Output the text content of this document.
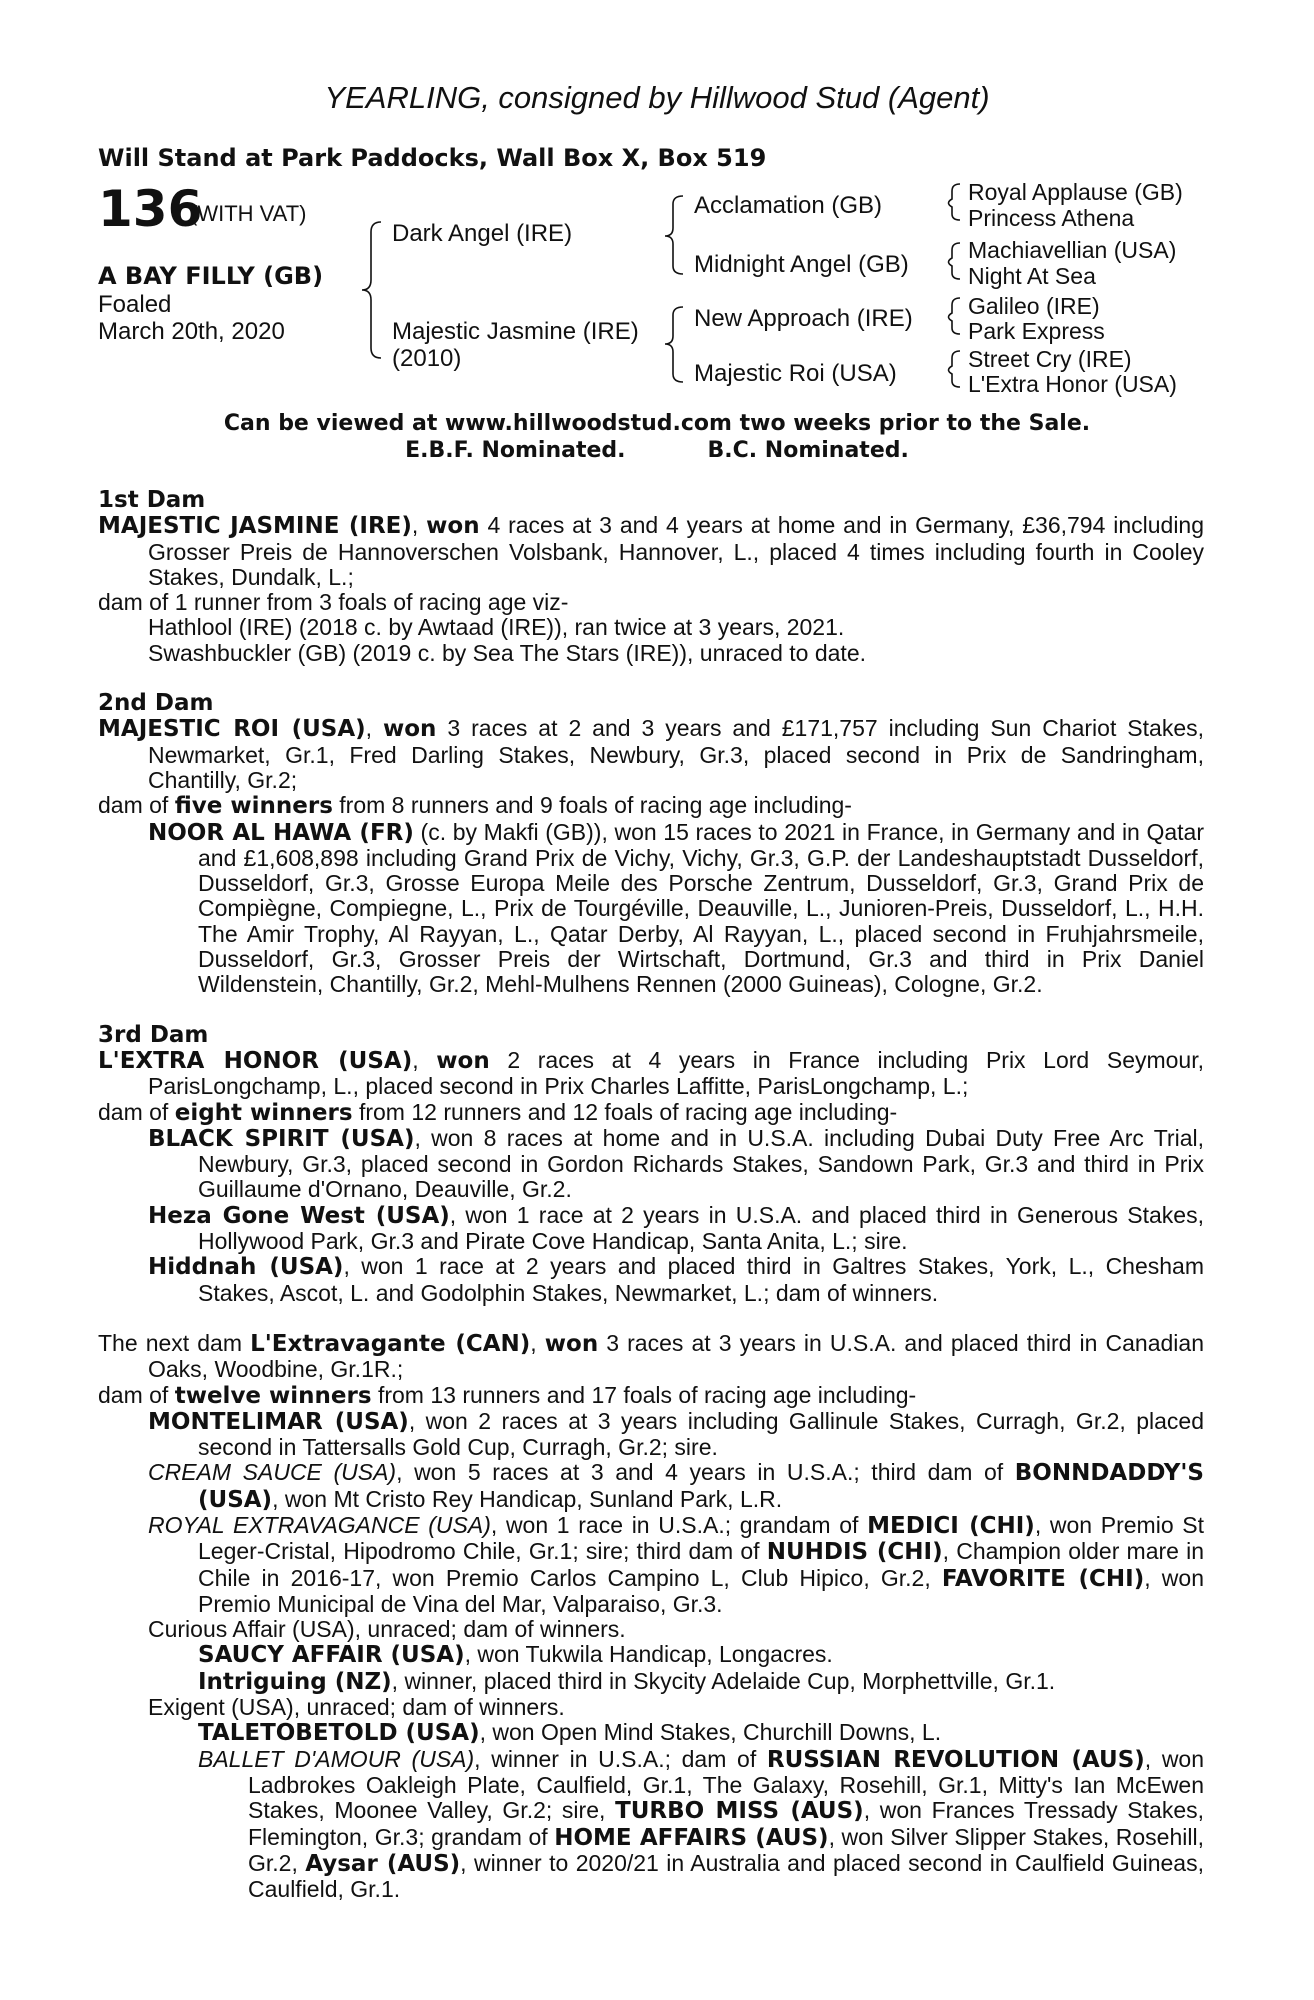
YEARLING, consigned by Hillwood Stud (Agent)
Will Stand at Park Paddocks, Wall Box X, Box 519
136
(WITH VAT)
A BAY FILLY (GB)
Foaled
March 20th, 2020
Dark Angel (IRE)
Majestic Jasmine (IRE)
(2010)
Acclamation (GB)
Midnight Angel (GB)
New Approach (IRE)
Majestic Roi (USA)
Royal Applause (GB)
Princess Athena
Machiavellian (USA)
Night At Sea
Galileo (IRE)
Park Express
Street Cry (IRE)
L'Extra Honor (USA)
Can be viewed at www.hillwoodstud.com two weeks prior to the Sale.
E.B.F. Nominated.	B.C. Nominated.

1st Dam

MAJESTIC JASMINE (IRE), won 4 races at 3 and 4 years at home and in Germany, £36,794 including Grosser Preis de Hannoverschen Volsbank, Hannover, L., placed 4 times including fourth in Cooley Stakes, Dundalk, L.;

dam of 1 runner from 3 foals of racing age viz-

Hathlool (IRE) (2018 c. by Awtaad (IRE)), ran twice at 3 years, 2021.

Swashbuckler (GB) (2019 c. by Sea The Stars (IRE)), unraced to date.

2nd Dam

MAJESTIC ROI (USA), won 3 races at 2 and 3 years and £171,757 including Sun Chariot Stakes, Newmarket, Gr.1, Fred Darling Stakes, Newbury, Gr.3, placed second in Prix de Sandringham, Chantilly, Gr.2;

dam of five winners from 8 runners and 9 foals of racing age including-

NOOR AL HAWA (FR) (c. by Makfi (GB)), won 15 races to 2021 in France, in Germany and in Qatar and £1,608,898 including Grand Prix de Vichy, Vichy, Gr.3, G.P. der Landeshauptstadt Dusseldorf, Dusseldorf, Gr.3, Grosse Europa Meile des Porsche Zentrum, Dusseldorf, Gr.3, Grand Prix de Compiègne, Compiegne, L., Prix de Tourgéville, Deauville, L., Junioren-Preis, Dusseldorf, L., H.H. The Amir Trophy, Al Rayyan, L., Qatar Derby, Al Rayyan, L., placed second in Fruhjahrsmeile, Dusseldorf, Gr.3, Grosser Preis der Wirtschaft, Dortmund, Gr.3 and third in Prix Daniel Wildenstein, Chantilly, Gr.2, Mehl-Mulhens Rennen (2000 Guineas), Cologne, Gr.2.

3rd Dam

L'EXTRA HONOR (USA), won 2 races at 4 years in France including Prix Lord Seymour, ParisLongchamp, L., placed second in Prix Charles Laffitte, ParisLongchamp, L.;

dam of eight winners from 12 runners and 12 foals of racing age including-

BLACK SPIRIT (USA), won 8 races at home and in U.S.A. including Dubai Duty Free Arc Trial, Newbury, Gr.3, placed second in Gordon Richards Stakes, Sandown Park, Gr.3 and third in Prix Guillaume d'Ornano, Deauville, Gr.2.

Heza Gone West (USA), won 1 race at 2 years in U.S.A. and placed third in Generous Stakes, Hollywood Park, Gr.3 and Pirate Cove Handicap, Santa Anita, L.; sire.

Hiddnah (USA), won 1 race at 2 years and placed third in Galtres Stakes, York, L., Chesham Stakes, Ascot, L. and Godolphin Stakes, Newmarket, L.; dam of winners.

The next dam L'Extravagante (CAN), won 3 races at 3 years in U.S.A. and placed third in Canadian Oaks, Woodbine, Gr.1R.;

dam of twelve winners from 13 runners and 17 foals of racing age including-

MONTELIMAR (USA), won 2 races at 3 years including Gallinule Stakes, Curragh, Gr.2, placed second in Tattersalls Gold Cup, Curragh, Gr.2; sire.

CREAM SAUCE (USA), won 5 races at 3 and 4 years in U.S.A.; third dam of BONNDADDY'S (USA), won Mt Cristo Rey Handicap, Sunland Park, L.R.

ROYAL EXTRAVAGANCE (USA), won 1 race in U.S.A.; grandam of MEDICI (CHI), won Premio St Leger-Cristal, Hipodromo Chile, Gr.1; sire; third dam of NUHDIS (CHI), Champion older mare in Chile in 2016-17, won Premio Carlos Campino L, Club Hipico, Gr.2, FAVORITE (CHI), won Premio Municipal de Vina del Mar, Valparaiso, Gr.3.

Curious Affair (USA), unraced; dam of winners.

SAUCY AFFAIR (USA), won Tukwila Handicap, Longacres.

Intriguing (NZ), winner, placed third in Skycity Adelaide Cup, Morphettville, Gr.1.

Exigent (USA), unraced; dam of winners.

TALETOBETOLD (USA), won Open Mind Stakes, Churchill Downs, L.

BALLET D'AMOUR (USA), winner in U.S.A.; dam of RUSSIAN REVOLUTION (AUS), won Ladbrokes Oakleigh Plate, Caulfield, Gr.1, The Galaxy, Rosehill, Gr.1, Mitty's Ian McEwen Stakes, Moonee Valley, Gr.2; sire, TURBO MISS (AUS), won Frances Tressady Stakes, Flemington, Gr.3; grandam of HOME AFFAIRS (AUS), won Silver Slipper Stakes, Rosehill, Gr.2, Aysar (AUS), winner to 2020/21 in Australia and placed second in Caulfield Guineas, Caulfield, Gr.1.
